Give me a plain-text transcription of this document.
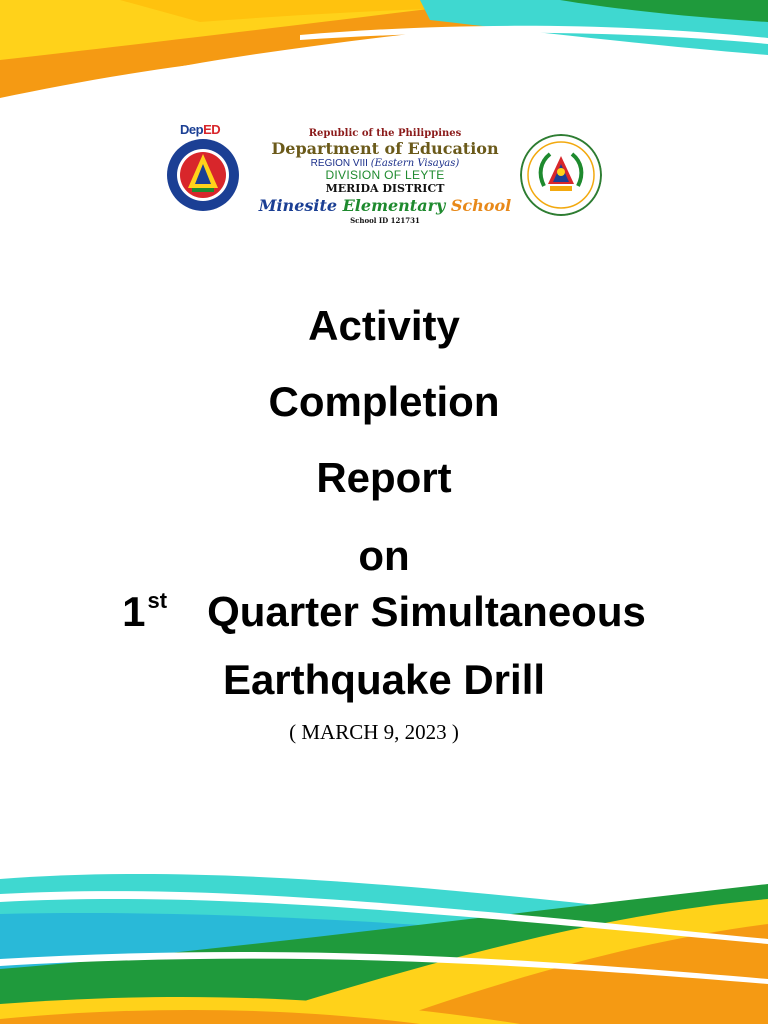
DepED	Republic of the Philippines
Department of Education
REGION VIII (Eastern Visayas)
DIVISION OF LEYTE
MERIDA DISTRICT
Minesite Elementary School
School ID 121731
Activity
Completion
Report
on
1st Quarter Simultaneous
Earthquake Drill
( MARCH 9, 2023 )
